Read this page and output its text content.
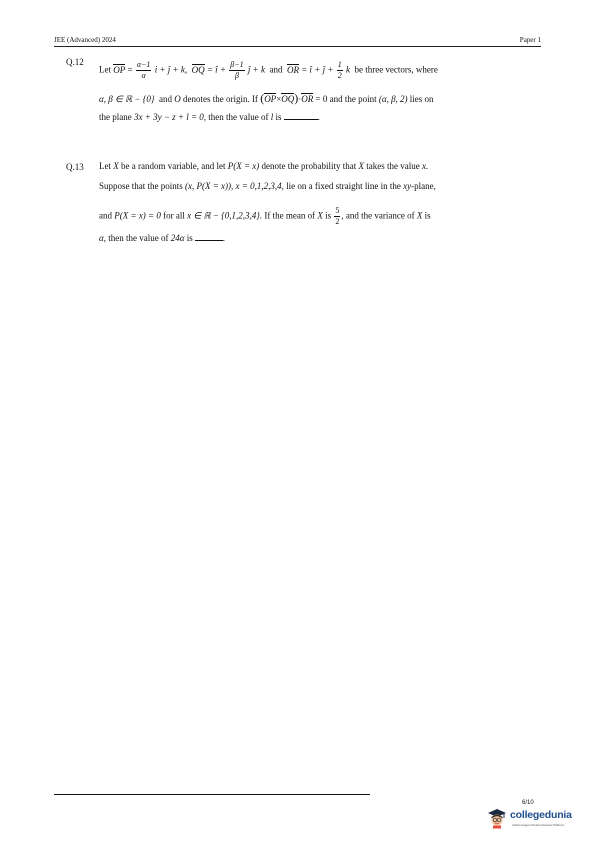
JEE (Advanced) 2024	Paper 1
Q.12
Let OP = $\frac{\alpha-1}{\alpha}$ i + ĵ + k, OQ = î + $\frac{\beta-1}{\beta}$ ĵ + k and OR = î + ĵ + $\frac{1}{2}$ k be three vectors, where
α, β ∈ ℝ − {0} and O denotes the origin. If (OP×OQ)·OR = 0 and the point (α, β, 2) lies on
the plane 3x + 3y − z + l = 0, then the value of l is	.
Q.13 Let X be a random variable, and let P(X = x) denote the probability that X takes the value x.
Suppose that the points (x, P(X = x)), x = 0,1,2,3,4, lie on a fixed straight line in the xy-plane,
and P(X = x) = 0 for all x ∈ ℝ − {0,1,2,3,4}. If the mean of X is $\frac{5}{2}$ , and the variance of X is
α, then the value of 24α is	.
6/10
collegedunia
India's largest Student Review Platform
